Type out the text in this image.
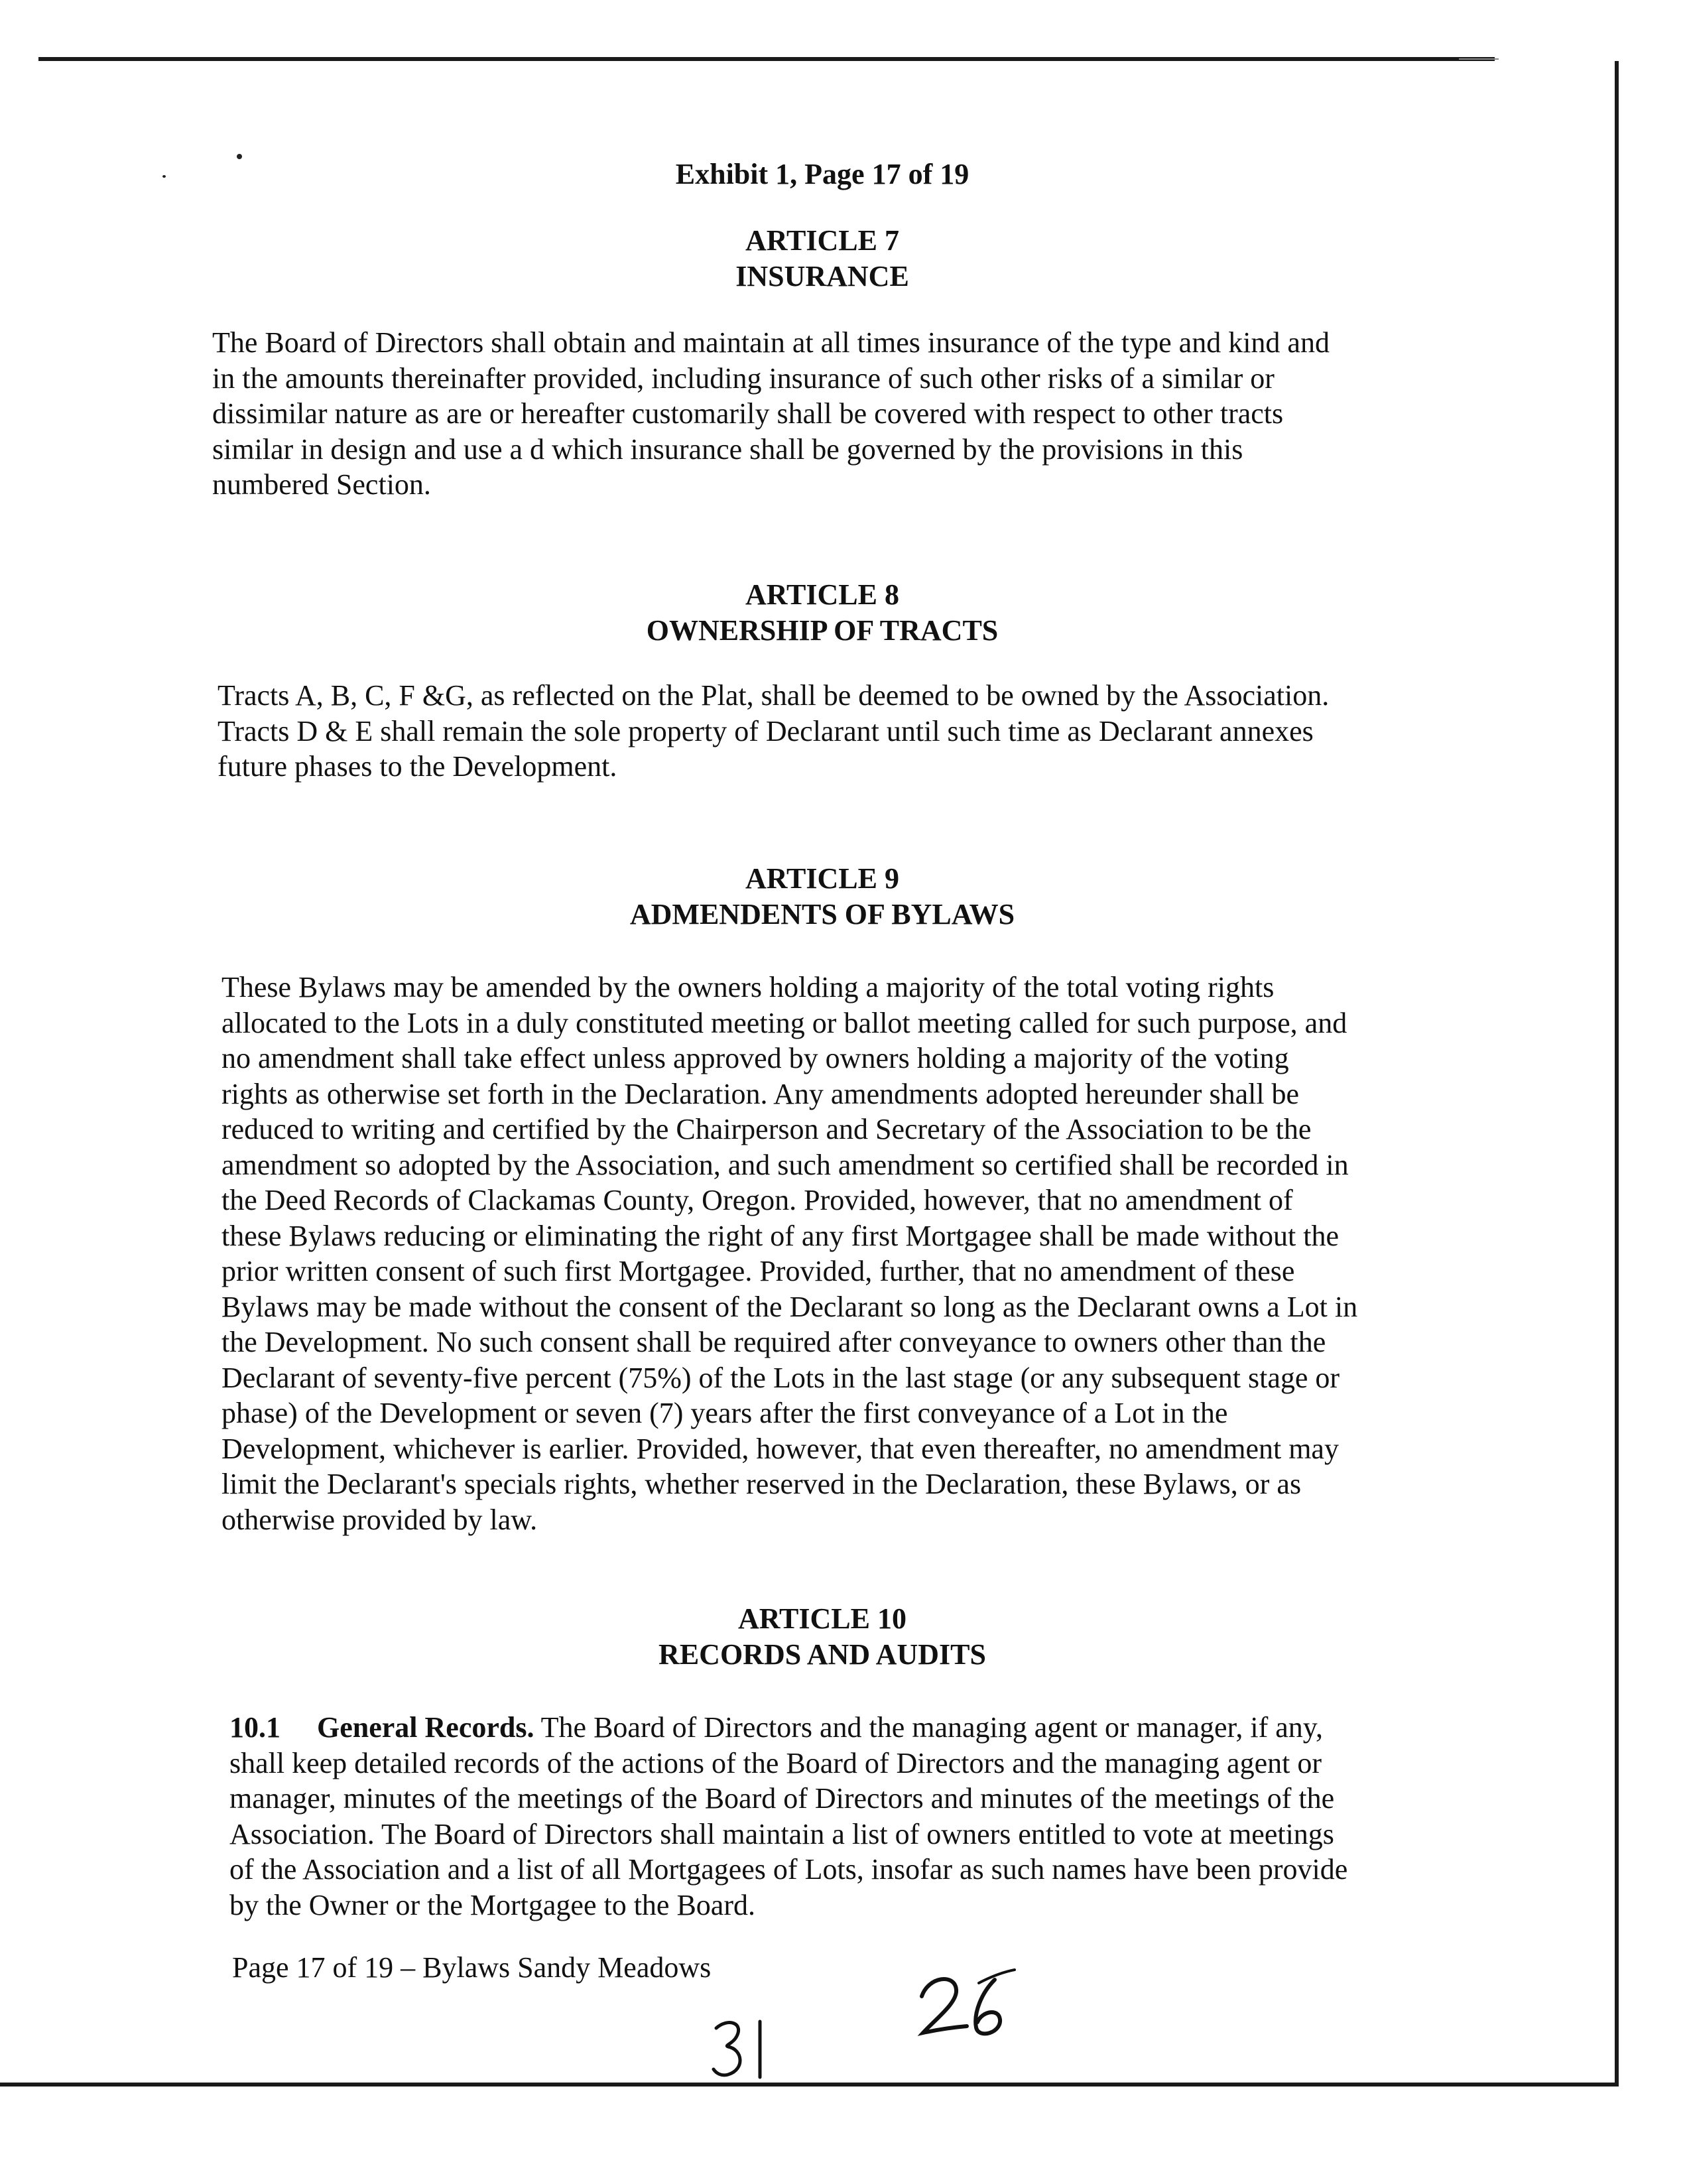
Exhibit 1, Page 17 of 19
ARTICLE 7
INSURANCE
The Board of Directors shall obtain and maintain at all times insurance of the type and kind and
in the amounts thereinafter provided, including insurance of such other risks of a similar or
dissimilar nature as are or hereafter customarily shall be covered with respect to other tracts
similar in design and use a d which insurance shall be governed by the provisions in this
numbered Section.
ARTICLE 8
OWNERSHIP OF TRACTS
Tracts A, B, C, F &G, as reflected on the Plat, shall be deemed to be owned by the Association.
Tracts D & E shall remain the sole property of Declarant until such time as Declarant annexes
future phases to the Development.
ARTICLE 9
ADMENDENTS OF BYLAWS
These Bylaws may be amended by the owners holding a majority of the total voting rights
allocated to the Lots in a duly constituted meeting or ballot meeting called for such purpose, and
no amendment shall take effect unless approved by owners holding a majority of the voting
rights as otherwise set forth in the Declaration. Any amendments adopted hereunder shall be
reduced to writing and certified by the Chairperson and Secretary of the Association to be the
amendment so adopted by the Association, and such amendment so certified shall be recorded in
the Deed Records of Clackamas County, Oregon. Provided, however, that no amendment of
these Bylaws reducing or eliminating the right of any first Mortgagee shall be made without the
prior written consent of such first Mortgagee. Provided, further, that no amendment of these
Bylaws may be made without the consent of the Declarant so long as the Declarant owns a Lot in
the Development. No such consent shall be required after conveyance to owners other than the
Declarant of seventy-five percent (75%) of the Lots in the last stage (or any subsequent stage or
phase) of the Development or seven (7) years after the first conveyance of a Lot in the
Development, whichever is earlier. Provided, however, that even thereafter, no amendment may
limit the Declarant's specials rights, whether reserved in the Declaration, these Bylaws, or as
otherwise provided by law.
ARTICLE 10
RECORDS AND AUDITS
10.1     General Records. The Board of Directors and the managing agent or manager, if any,
shall keep detailed records of the actions of the Board of Directors and the managing agent or
manager, minutes of the meetings of the Board of Directors and minutes of the meetings of the
Association. The Board of Directors shall maintain a list of owners entitled to vote at meetings
of the Association and a list of all Mortgagees of Lots, insofar as such names have been provide
by the Owner or the Mortgagee to the Board.
Page 17 of 19 – Bylaws Sandy Meadows
